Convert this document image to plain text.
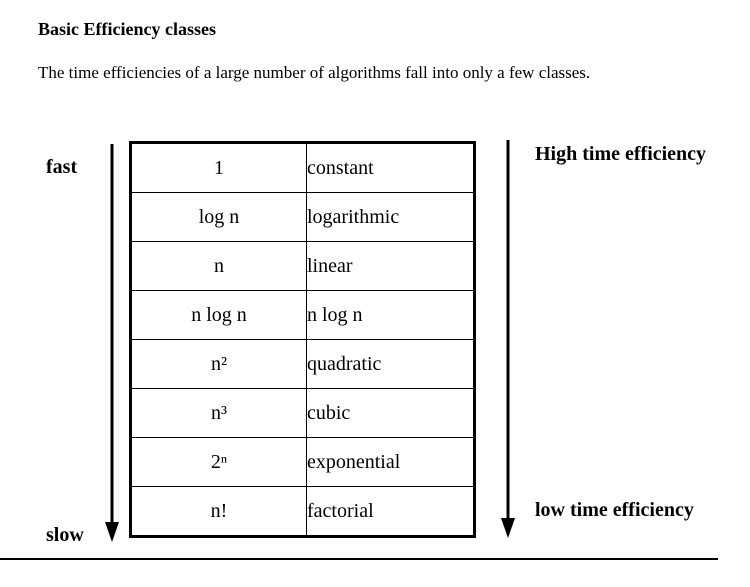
Basic Efficiency classes
The time efficiencies of a large number of algorithms fall into only a few classes.
fast
slow
High time efficiency
low time efficiency
1	constant
log n	logarithmic
n	linear
n log n	n log n
n²	quadratic
n³	cubic
2ⁿ	exponential
n!	factorial
